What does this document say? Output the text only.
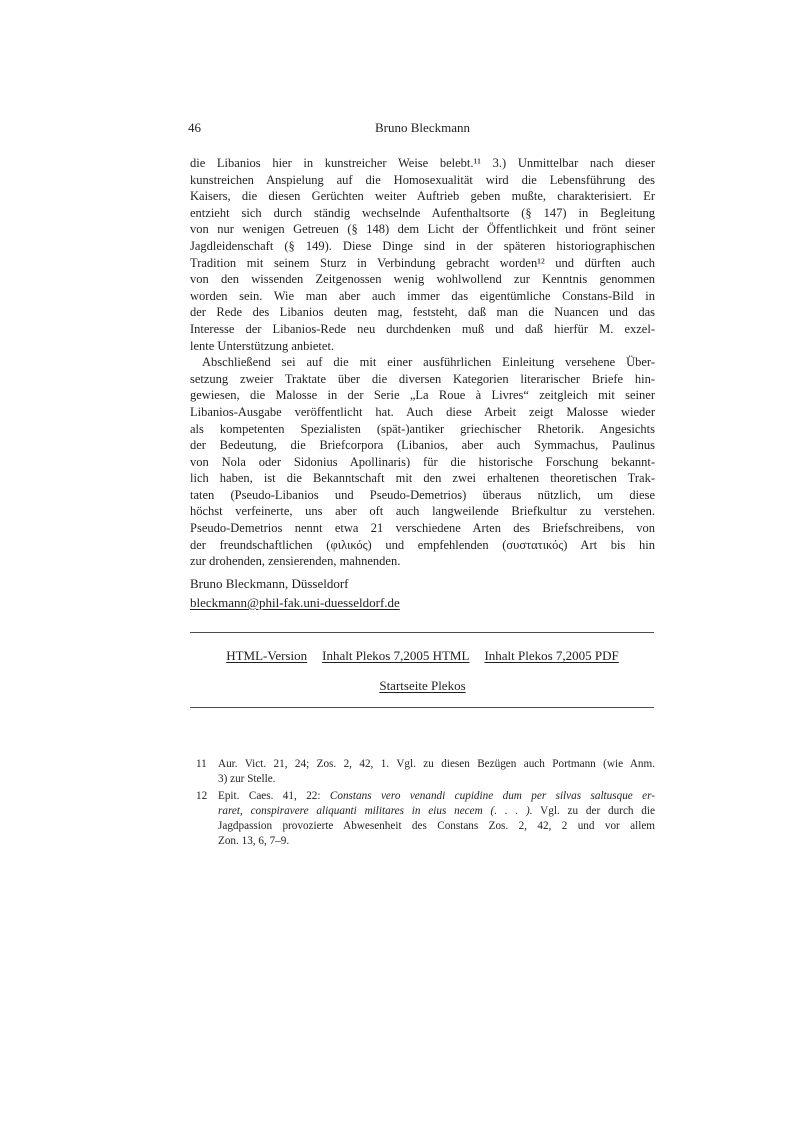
46	Bruno Bleckmann
die Libanios hier in kunstreicher Weise belebt.¹¹ 3.) Unmittelbar nach dieser
kunstreichen Anspielung auf die Homosexualität wird die Lebensführung des
Kaisers, die diesen Gerüchten weiter Auftrieb geben mußte, charakterisiert. Er
entzieht sich durch ständig wechselnde Aufenthaltsorte (§ 147) in Begleitung
von nur wenigen Getreuen (§ 148) dem Licht der Öffentlichkeit und frönt seiner
Jagdleidenschaft (§ 149). Diese Dinge sind in der späteren historiographischen
Tradition mit seinem Sturz in Verbindung gebracht worden¹² und dürften auch
von den wissenden Zeitgenossen wenig wohlwollend zur Kenntnis genommen
worden sein. Wie man aber auch immer das eigentümliche Constans-Bild in
der Rede des Libanios deuten mag, feststeht, daß man die Nuancen und das
Interesse der Libanios-Rede neu durchdenken muß und daß hierfür M. exzel-
lente Unterstützung anbietet.
Abschließend sei auf die mit einer ausführlichen Einleitung versehene Über-
setzung zweier Traktate über die diversen Kategorien literarischer Briefe hin-
gewiesen, die Malosse in der Serie „La Roue à Livres“ zeitgleich mit seiner
Libanios-Ausgabe veröffentlicht hat. Auch diese Arbeit zeigt Malosse wieder
als kompetenten Spezialisten (spät-)antiker griechischer Rhetorik. Angesichts
der Bedeutung, die Briefcorpora (Libanios, aber auch Symmachus, Paulinus
von Nola oder Sidonius Apollinaris) für die historische Forschung bekannt-
lich haben, ist die Bekanntschaft mit den zwei erhaltenen theoretischen Trak-
taten (Pseudo-Libanios und Pseudo-Demetrios) überaus nützlich, um diese
höchst verfeinerte, uns aber oft auch langweilende Briefkultur zu verstehen.
Pseudo-Demetrios nennt etwa 21 verschiedene Arten des Briefschreibens, von
der freundschaftlichen (φιλικός) und empfehlenden (συστατικός) Art bis hin
zur drohenden, zensierenden, mahnenden.
Bruno Bleckmann, Düsseldorf
bleckmann@phil-fak.uni-duesseldorf.de
HTML-Version Inhalt Plekos 7,2005 HTML Inhalt Plekos 7,2005 PDF
Startseite Plekos
11 Aur. Vict. 21, 24; Zos. 2, 42, 1. Vgl. zu diesen Bezügen auch Portmann (wie Anm.
3) zur Stelle.
12 Epit. Caes. 41, 22: Constans vero venandi cupidine dum per silvas saltusque er-
raret, conspiravere aliquanti militares in eius necem (. . . ). Vgl. zu der durch die
Jagdpassion provozierte Abwesenheit des Constans Zos. 2, 42, 2 und vor allem
Zon. 13, 6, 7–9.
